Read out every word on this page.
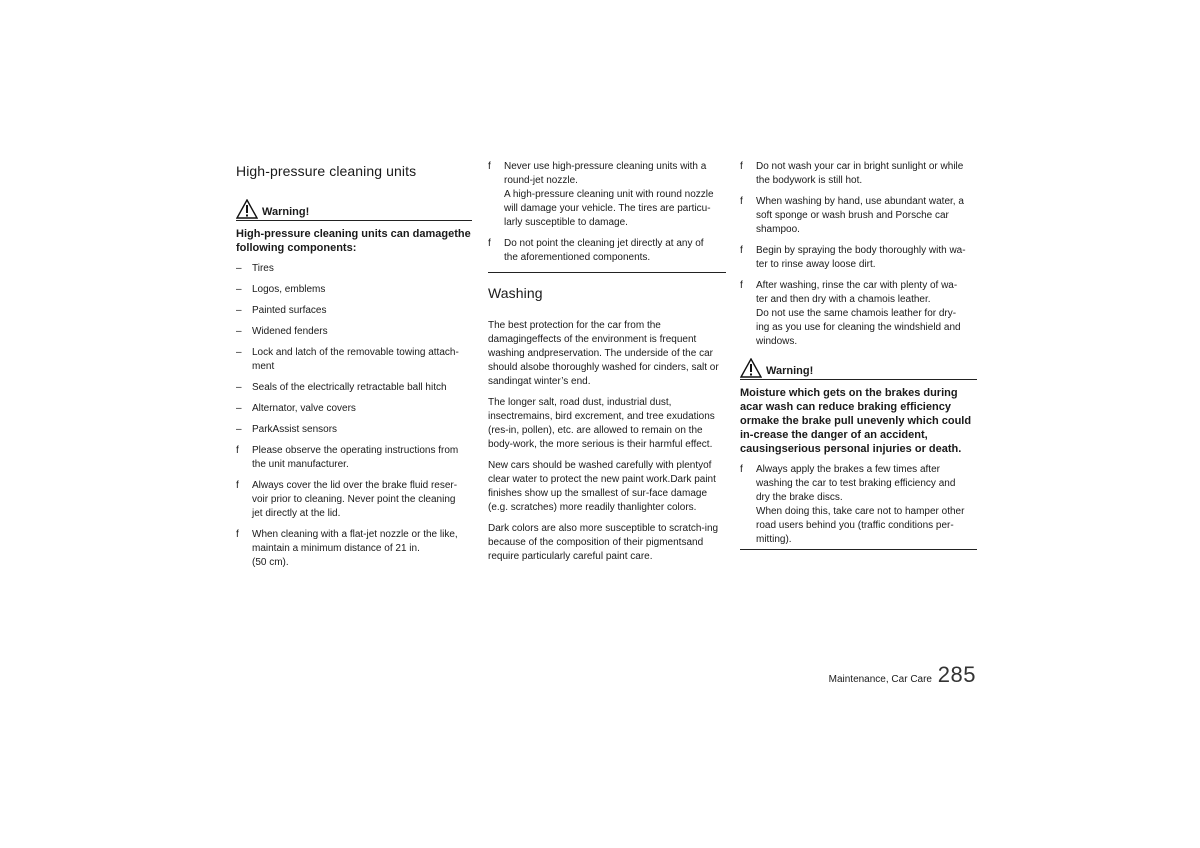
High-pressure cleaning units
Warning!
High-pressure cleaning units can damagethe following components:
–	Tires
–	Logos, emblems
–	Painted surfaces
–	Widened fenders
–	Lock and latch of the removable towing attach-
ment
–	Seals of the electrically retractable ball hitch
–	Alternator, valve covers
–	ParkAssist sensors
f	Please observe the operating instructions from
the unit manufacturer.
f	Always cover the lid over the brake fluid reser-
voir prior to cleaning. Never point the cleaning
jet directly at the lid.
f	When cleaning with a flat-jet nozzle or the like,
maintain a minimum distance of 21 in.
(50 cm).
f	Never use high-pressure cleaning units with a
round-jet nozzle.
A high-pressure cleaning unit with round nozzle
will damage your vehicle. The tires are particu-
larly susceptible to damage.
f	Do not point the cleaning jet directly at any of
the aforementioned components.
Washing
The best protection for the car from the damagingeffects of the environment is frequent washing andpreservation. The underside of the car should alsobe thoroughly washed for cinders, salt or sandingat winter’s end.
The longer salt, road dust, industrial dust, insectremains, bird excrement, and tree exudations (res-in, pollen), etc. are allowed to remain on the body-work, the more serious is their harmful effect.
New cars should be washed carefully with plentyof clear water to protect the new paint work.Dark paint finishes show up the smallest of sur-face damage (e.g. scratches) more readily thanlighter colors.
Dark colors are also more susceptible to scratch-ing because of the composition of their pigmentsand require particularly careful paint care.
f	Do not wash your car in bright sunlight or while
the bodywork is still hot.
f	When washing by hand, use abundant water, a
soft sponge or wash brush and Porsche car
shampoo.
f	Begin by spraying the body thoroughly with wa-
ter to rinse away loose dirt.
f	After washing, rinse the car with plenty of wa-
ter and then dry with a chamois leather.
Do not use the same chamois leather for dry-
ing as you use for cleaning the windshield and
windows.
Warning!
Moisture which gets on the brakes during acar wash can reduce braking efficiency ormake the brake pull unevenly which could in-crease the danger of an accident, causingserious personal injuries or death.
f	Always apply the brakes a few times after
washing the car to test braking efficiency and
dry the brake discs.
When doing this, take care not to hamper other
road users behind you (traffic conditions per-
mitting).
Maintenance, Car Care 285
